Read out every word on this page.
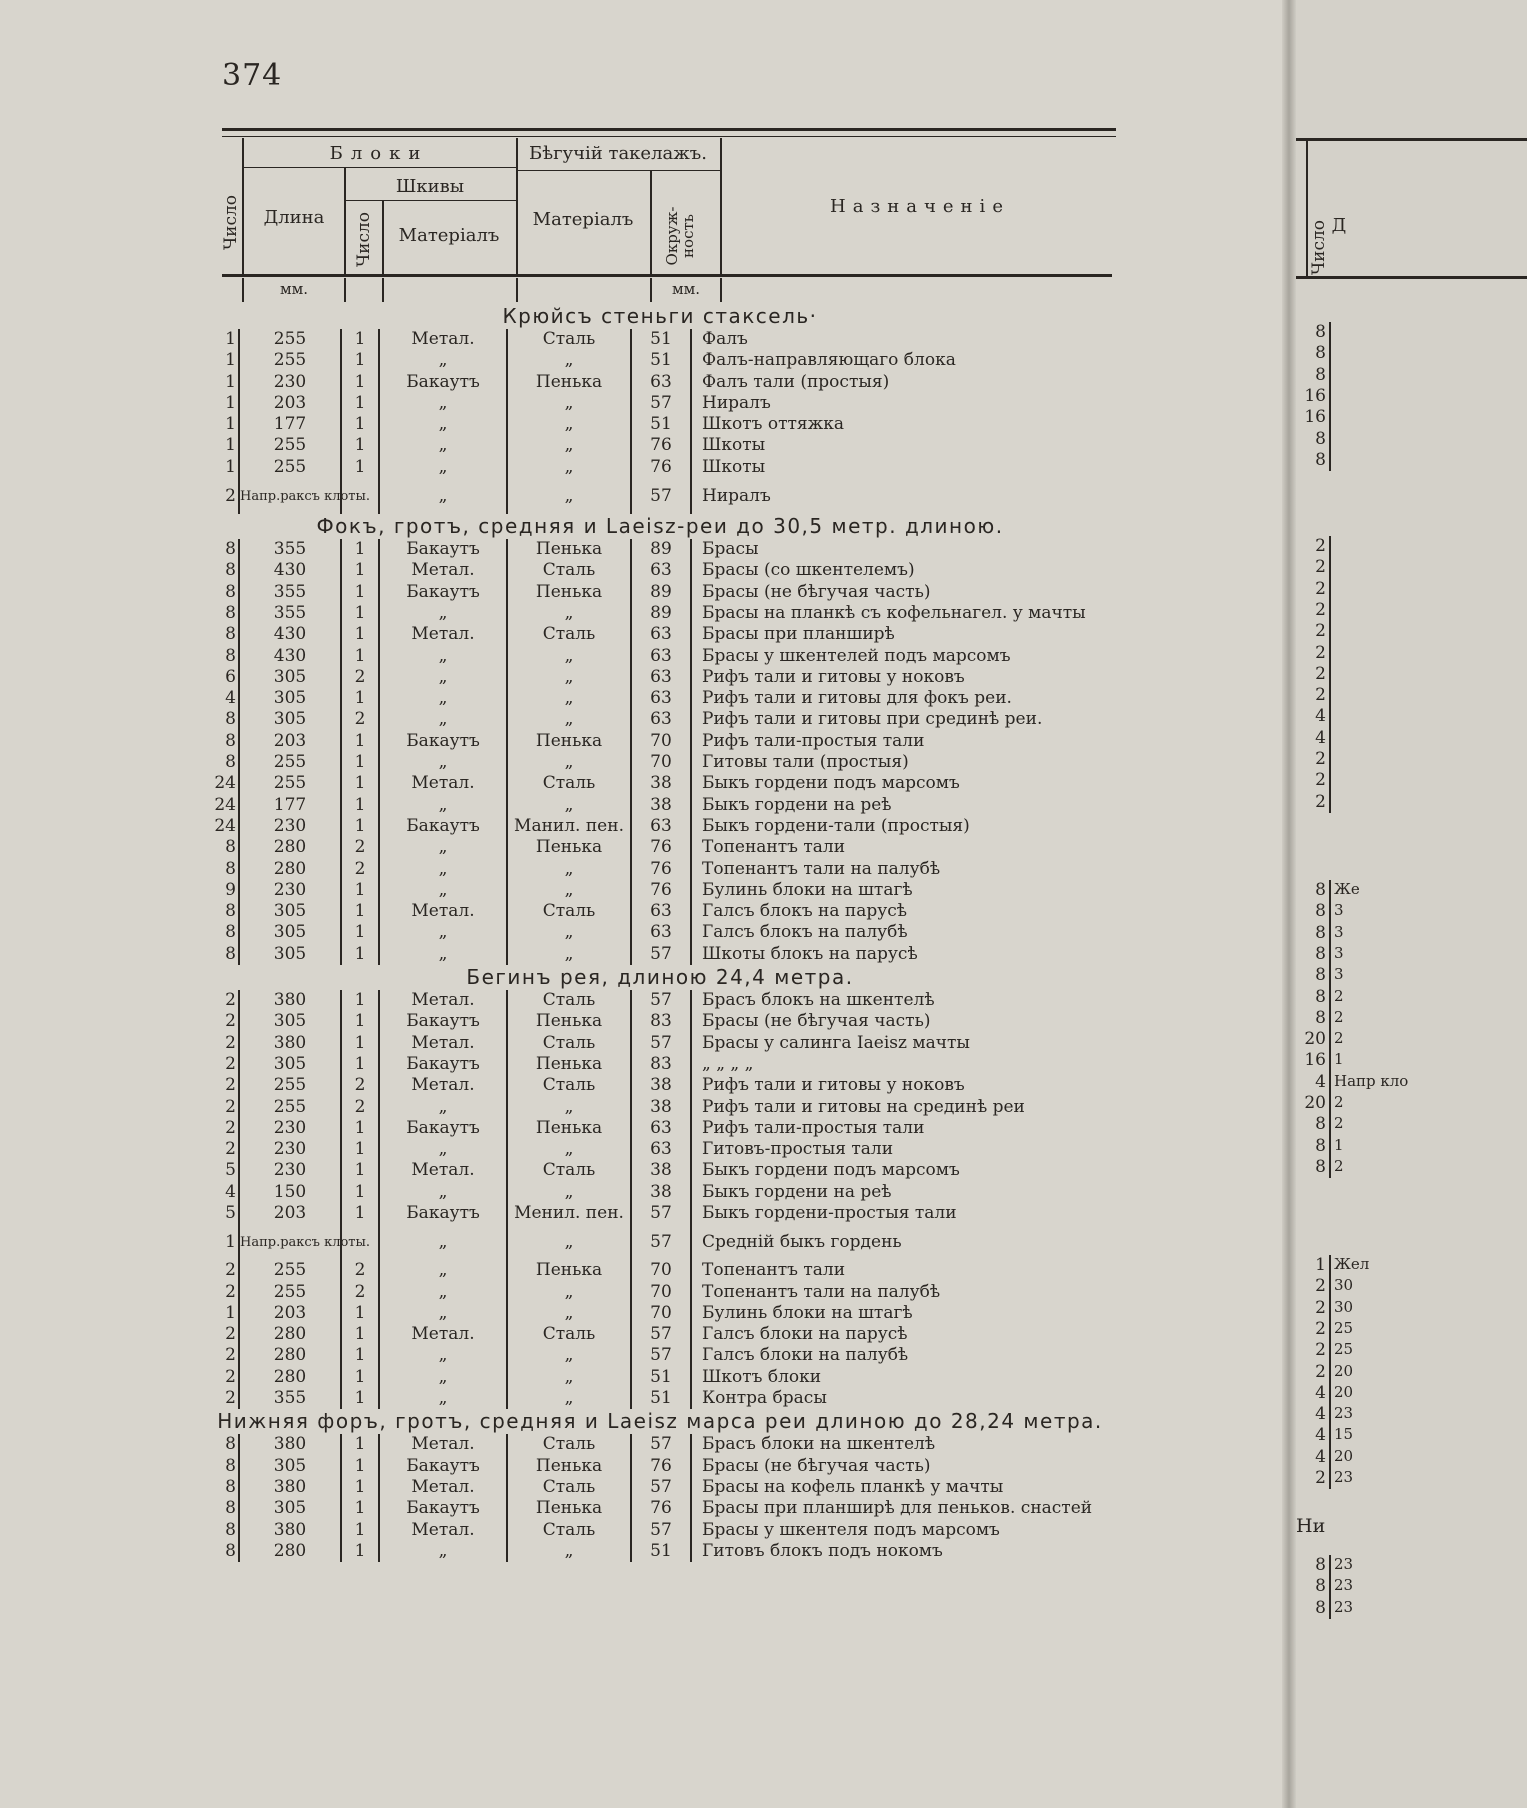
374
Число
Блоки
Длина
Шкивы
Число	Матеріалъ
Бѣгучій такелажъ.
Матеріалъ	Окруж-ность
Назначеніе
мм.	мм.
Крюйсъ стеньги стаксель·
1	255	1	Метал.	Сталь	51	Фалъ
1	255	1	„	„	51	Фалъ-направляющаго блока
1	230	1	Бакаутъ	Пенька	63	Фалъ тали (простыя)
1	203	1	„	„	57	Ниралъ
1	177	1	„	„	51	Шкотъ оттяжка
1	255	1	„	„	76	Шкоты
1	255	1	„	„	76	Шкоты
2 Напр.раксъ клоты.	„	„	57	Ниралъ
Фокъ, гротъ, средняя и Laeisz-реи до 30,5 метр. длиною.
8	355	1	Бакаутъ	Пенька	89	Брасы
8	430	1	Метал.	Сталь	63	Брасы (со шкентелемъ)
8	355	1	Бакаутъ	Пенька	89	Брасы (не бѣгучая часть)
8	355	1	„	„	89	Брасы на планкѣ съ кофельнагел. у мачты
8	430	1	Метал.	Сталь	63	Брасы при планширѣ
8	430	1	„	„	63	Брасы у шкентелей подъ марсомъ
6	305	2	„	„	63	Рифъ тали и гитовы у ноковъ
4	305	1	„	„	63	Рифъ тали и гитовы для фокъ реи.
8	305	2	„	„	63	Рифъ тали и гитовы при срединѣ реи.
8	203	1	Бакаутъ	Пенька	70	Рифъ тали-простыя тали
8	255	1	„	„	70	Гитовы тали (простыя)
24	255	1	Метал.	Сталь	38	Быкъ гордени подъ марсомъ
24	177	1	„	„	38	Быкъ гордени на реѣ
24	230	1	Бакаутъ	Манил. пен.	63	Быкъ гордени-тали (простыя)
8	280	2	„	Пенька	76	Топенантъ тали
8	280	2	„	„	76	Топенантъ тали на палубѣ
9	230	1	„	„	76	Булинь блоки на штагѣ
8	305	1	Метал.	Сталь	63	Галсъ блокъ на парусѣ
8	305	1	„	„	63	Галсъ блокъ на палубѣ
8	305	1	„	„	57	Шкоты блокъ на парусѣ
Бегинъ рея, длиною 24,4 метра.
2	380	1	Метал.	Сталь	57	Брасъ блокъ на шкентелѣ
2	305	1	Бакаутъ	Пенька	83	Брасы (не бѣгучая часть)
2	380	1	Метал.	Сталь	57	Брасы у салинга Iaeisz мачты
2	305	1	Бакаутъ	Пенька	83	„ „ „ „
2	255	2	Метал.	Сталь	38	Рифъ тали и гитовы у ноковъ
2	255	2	„	„	38	Рифъ тали и гитовы на срединѣ реи
2	230	1	Бакаутъ	Пенька	63	Рифъ тали-простыя тали
2	230	1	„	„	63	Гитовъ-простыя тали
5	230	1	Метал.	Сталь	38	Быкъ гордени подъ марсомъ
4	150	1	„	„	38	Быкъ гордени на реѣ
5	203	1	Бакаутъ	Менил. пен.	57	Быкъ гордени-простыя тали
1 Напр.раксъ клоты.	„	„	57	Средній быкъ гордень
2	255	2	„	Пенька	70	Топенантъ тали
2	255	2	„	„	70	Топенантъ тали на палубѣ
1	203	1	„	„	70	Булинь блоки на штагѣ
2	280	1	Метал.	Сталь	57	Галсъ блоки на парусѣ
2	280	1	„	„	57	Галсъ блоки на палубѣ
2	280	1	„	„	51	Шкотъ блоки
2	355	1	„	„	51	Контра брасы
Нижняя форъ, гротъ, средняя и Laeisz марса реи длиною до 28,24 метра.
8	380	1	Метал.	Сталь	57	Брасъ блоки на шкентелѣ
8	305	1	Бакаутъ	Пенька	76	Брасы (не бѣгучая часть)
8	380	1	Метал.	Сталь	57	Брасы на кофель планкѣ у мачты
8	305	1	Бакаутъ	Пенька	76	Брасы при планширѣ для пеньков. снастей
8	380	1	Метал.	Сталь	57	Брасы у шкентеля подъ марсомъ
8	280	1	„	„	51	Гитовъ блокъ подъ нокомъ
Число Д
Ни
8
8
8
16
16
8
8
2
2
2
2
2
2
2
2
4
4
2
2
2
8 Же
8 3
8 3
8 3
8 3
8 2
8 2
20 2
16 1
4 Напр кло
20 2
8 2
8 1
8 2
1 Жел
2 30
2 30
2 25
2 25
2 20
4 20
4 23
4 15
4 20
2 23
8 23
8 23
8 23
